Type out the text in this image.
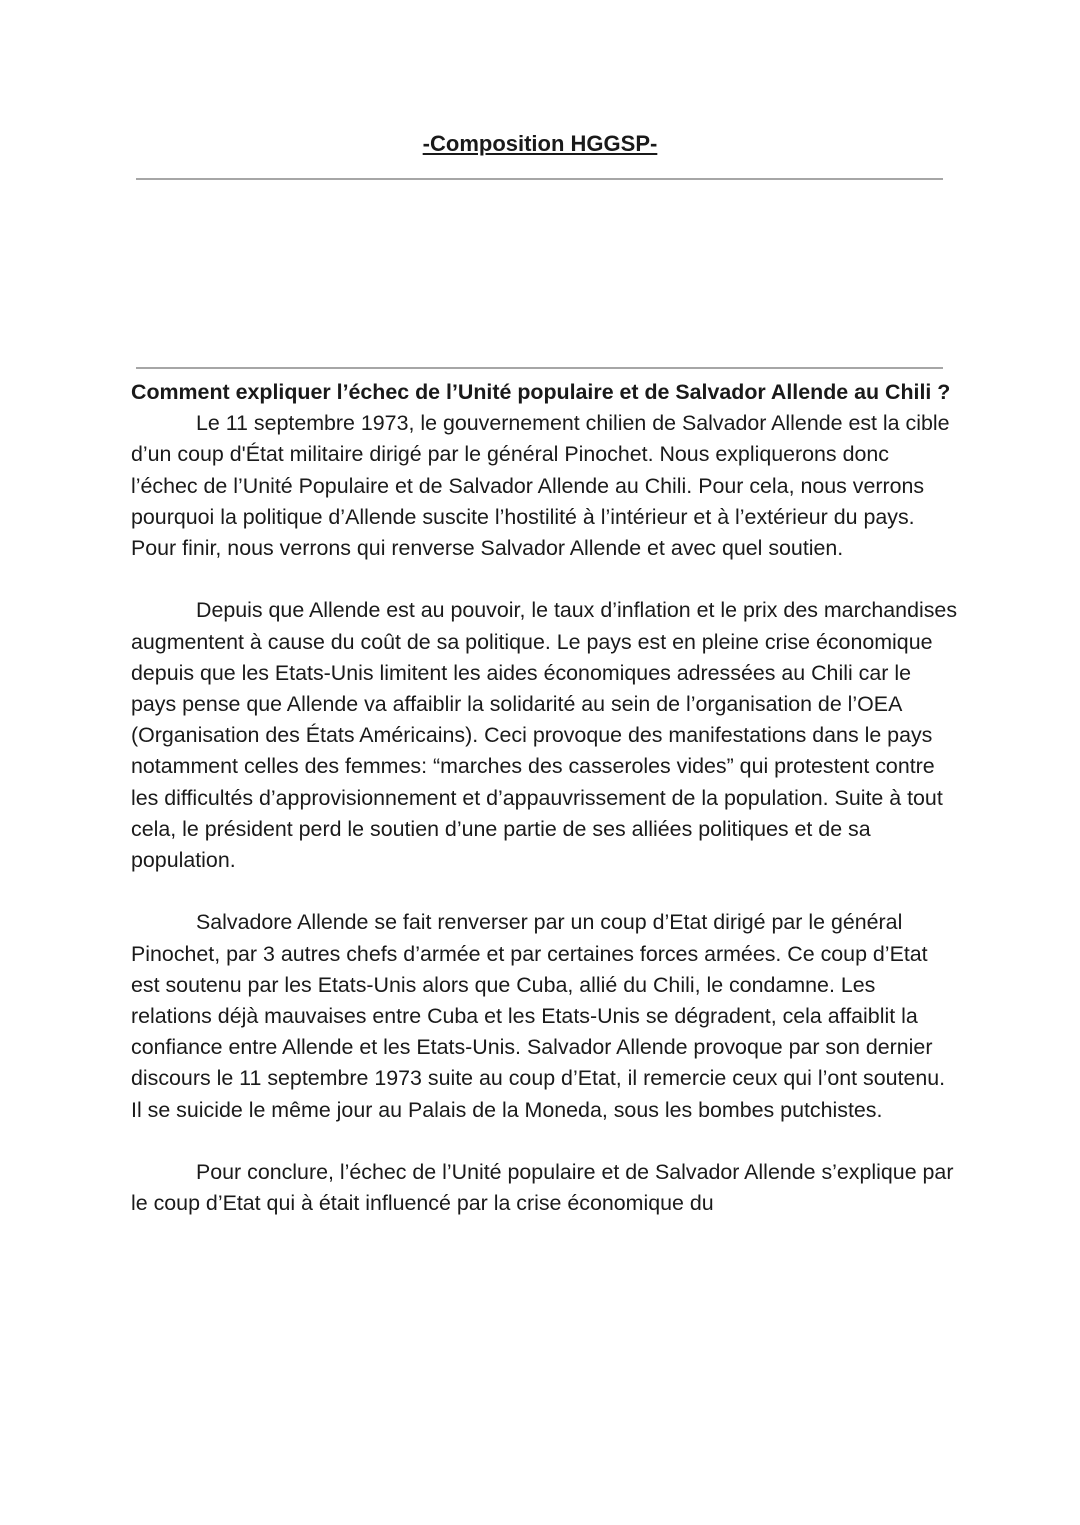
-Composition HGGSP-

Comment expliquer l’échec de l’Unité populaire et de Salvador Allende au Chili ?

Le 11 septembre 1973, le gouvernement chilien de Salvador Allende est la cible d’un coup d'État militaire dirigé par le général Pinochet. Nous expliquerons donc l’échec de l’Unité Populaire et de Salvador Allende au Chili. Pour cela, nous verrons pourquoi la politique d’Allende suscite l’hostilité à l’intérieur et à l’extérieur du pays. Pour finir, nous verrons qui renverse Salvador Allende et avec quel soutien.

Depuis que Allende est au pouvoir, le taux d’inflation et le prix des marchandises augmentent à cause du coût de sa politique. Le pays est en pleine crise économique depuis que les Etats-Unis limitent les aides économiques adressées au Chili car le pays pense que Allende va affaiblir la solidarité au sein de l’organisation de l’OEA (Organisation des États Américains). Ceci provoque des manifestations dans le pays notamment celles des femmes: “marches des casseroles vides” qui protestent contre les difficultés d’approvisionnement et d’appauvrissement de la population. Suite à tout cela, le président perd le soutien d’une partie de ses alliées politiques et de sa population.

Salvadore Allende se fait renverser par un coup d’Etat dirigé par le général Pinochet, par 3 autres chefs d’armée et par certaines forces armées. Ce coup d’Etat est soutenu par les Etats-Unis alors que Cuba, allié du Chili, le condamne. Les relations déjà mauvaises entre Cuba et les Etats-Unis se dégradent, cela affaiblit la confiance entre Allende et les Etats-Unis. Salvador Allende provoque par son dernier discours le 11 septembre 1973 suite au coup d’Etat, il remercie ceux qui l’ont soutenu. Il se suicide le même jour au Palais de la Moneda, sous les bombes putchistes.

Pour conclure, l’échec de l’Unité populaire et de Salvador Allende s’explique par le coup d’Etat qui à était influencé par la crise économique du
